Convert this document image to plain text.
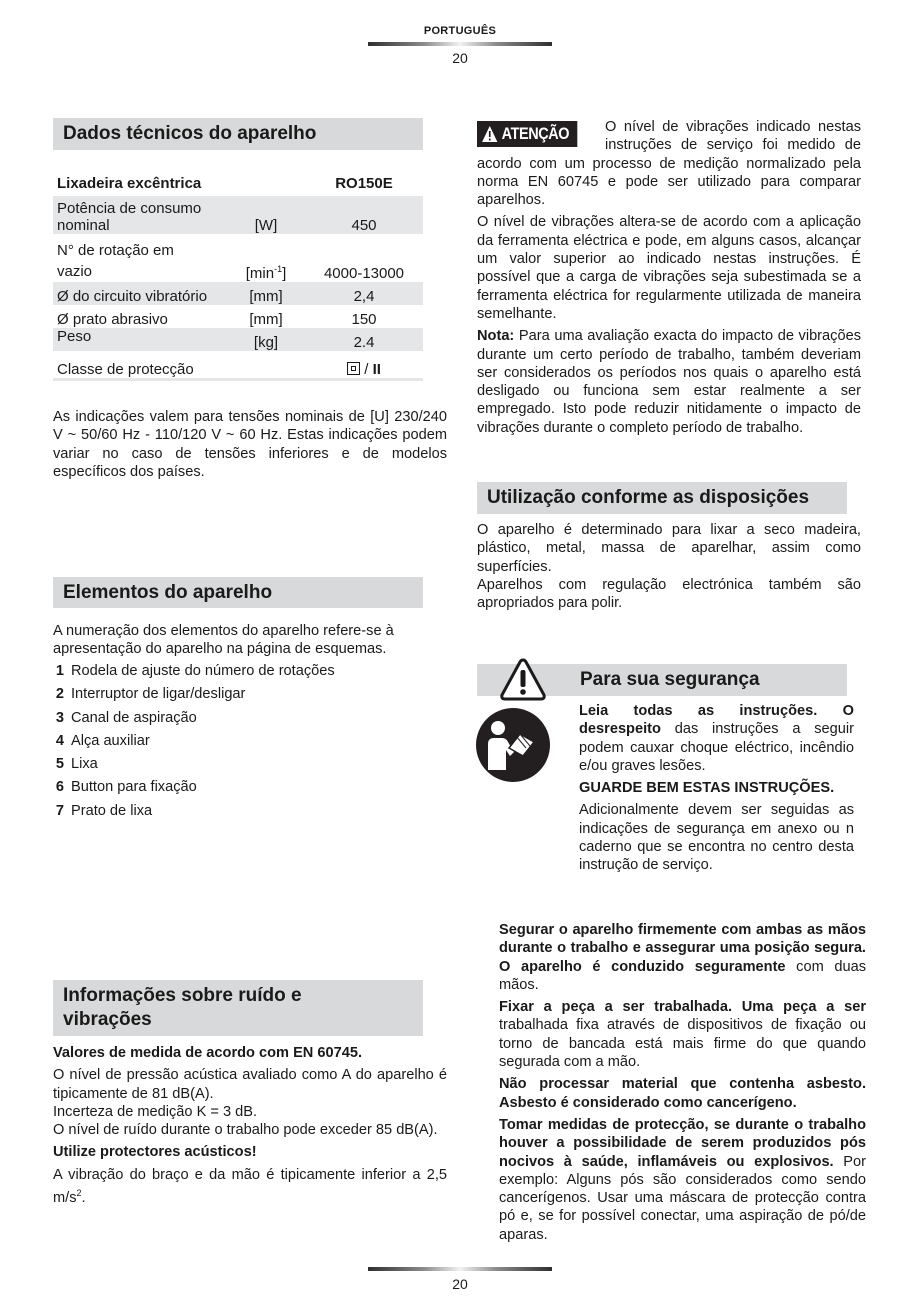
PORTUGUÊS
20
Dados técnicos do aparelho
Lixadeira excêntrica		RO150E
Potência de consumo
nominal	[W]	450
N° de rotação em
vazio	$[\min^{-1}]$	4000-13000
Ø do circuito vibratório	[mm]	2,4
Ø prato abrasivo	[mm]	150
Peso	[kg]	2.4
Classe de protecção		/ II
As indicações valem para tensões nominais de [U] 230/240 V ~ 50/60 Hz - 110/120 V ~ 60 Hz. Estas indicações podem variar no caso de tensões inferiores e de modelos específicos dos países.
Elementos do aparelho
A numeração dos elementos do aparelho refere-se à apresentação do aparelho na página de esquemas.
1 Rodela de ajuste do número de rotações
2 Interruptor de ligar/desligar
3 Canal de aspiração
4 Alça auxiliar
5 Lixa
6 Button para fixação
7 Prato de lixa
Informações sobre ruído e
vibrações

Valores de medida de acordo com EN 60745.

O nível de pressão acústica avaliado como A do aparelho é tipicamente de 81 dB(A).
Incerteza de medição K = 3 dB.

O nível de ruído durante o trabalho pode exceder 85 dB(A).

Utilize protectores acústicos!

A vibração do braço e da mão é tipicamente inferior a 2,5 $m/s^2$.

ATENÇÃO	O nível de vibrações indicado nestas instruções de serviço foi medido de acordo com um processo de medição normalizado pela norma EN 60745 e pode ser utilizado para comparar aparelhos.

O nível de vibrações altera-se de acordo com a aplicação da ferramenta eléctrica e pode, em alguns casos, alcançar um valor superior ao indicado nestas instruções. É possível que a carga de vibrações seja subestimada se a ferramenta eléctrica for regularmente utilizada de maneira semelhante.

Nota: Para uma avaliação exacta do impacto de vibrações durante um certo período de trabalho, também deveriam ser considerados os períodos nos quais o aparelho está desligado ou funciona sem estar realmente a ser empregado. Isto pode reduzir nitidamente o impacto de vibrações durante o completo período de trabalho.

Utilização conforme as disposições
O aparelho é determinado para lixar a seco madeira, plástico, metal, massa de aparelhar, assim como superfícies.
Aparelhos com regulação electrónica também são apropriados para polir.
Para sua segurança

Leia todas as instruções. O desrespeito das instruções a seguir podem cauxar choque eléctrico, incêndio e/ou graves lesões.

GUARDE BEM ESTAS INSTRUÇÕES.

Adicionalmente devem ser seguidas as indicações de segurança em anexo ou n caderno que se encontra no centro desta instrução de serviço.

Segurar o aparelho firmemente com ambas as mãos durante o trabalho e assegurar uma posição segura. O aparelho é conduzido seguramente com duas mãos.

Fixar a peça a ser trabalhada. Uma peça a ser trabalhada fixa através de dispositivos de fixação ou torno de bancada está mais firme do que quando segurada com a mão.

Não processar material que contenha asbesto. Asbesto é considerado como cancerígeno.

Tomar medidas de protecção, se durante o trabalho houver a possibilidade de serem produzidos pós nocivos à saúde, inflamáveis ou explosivos. Por exemplo: Alguns pós são considerados como sendo cancerígenos. Usar uma máscara de protecção contra pó e, se for possível conectar, uma aspiração de pó/de aparas.

20
